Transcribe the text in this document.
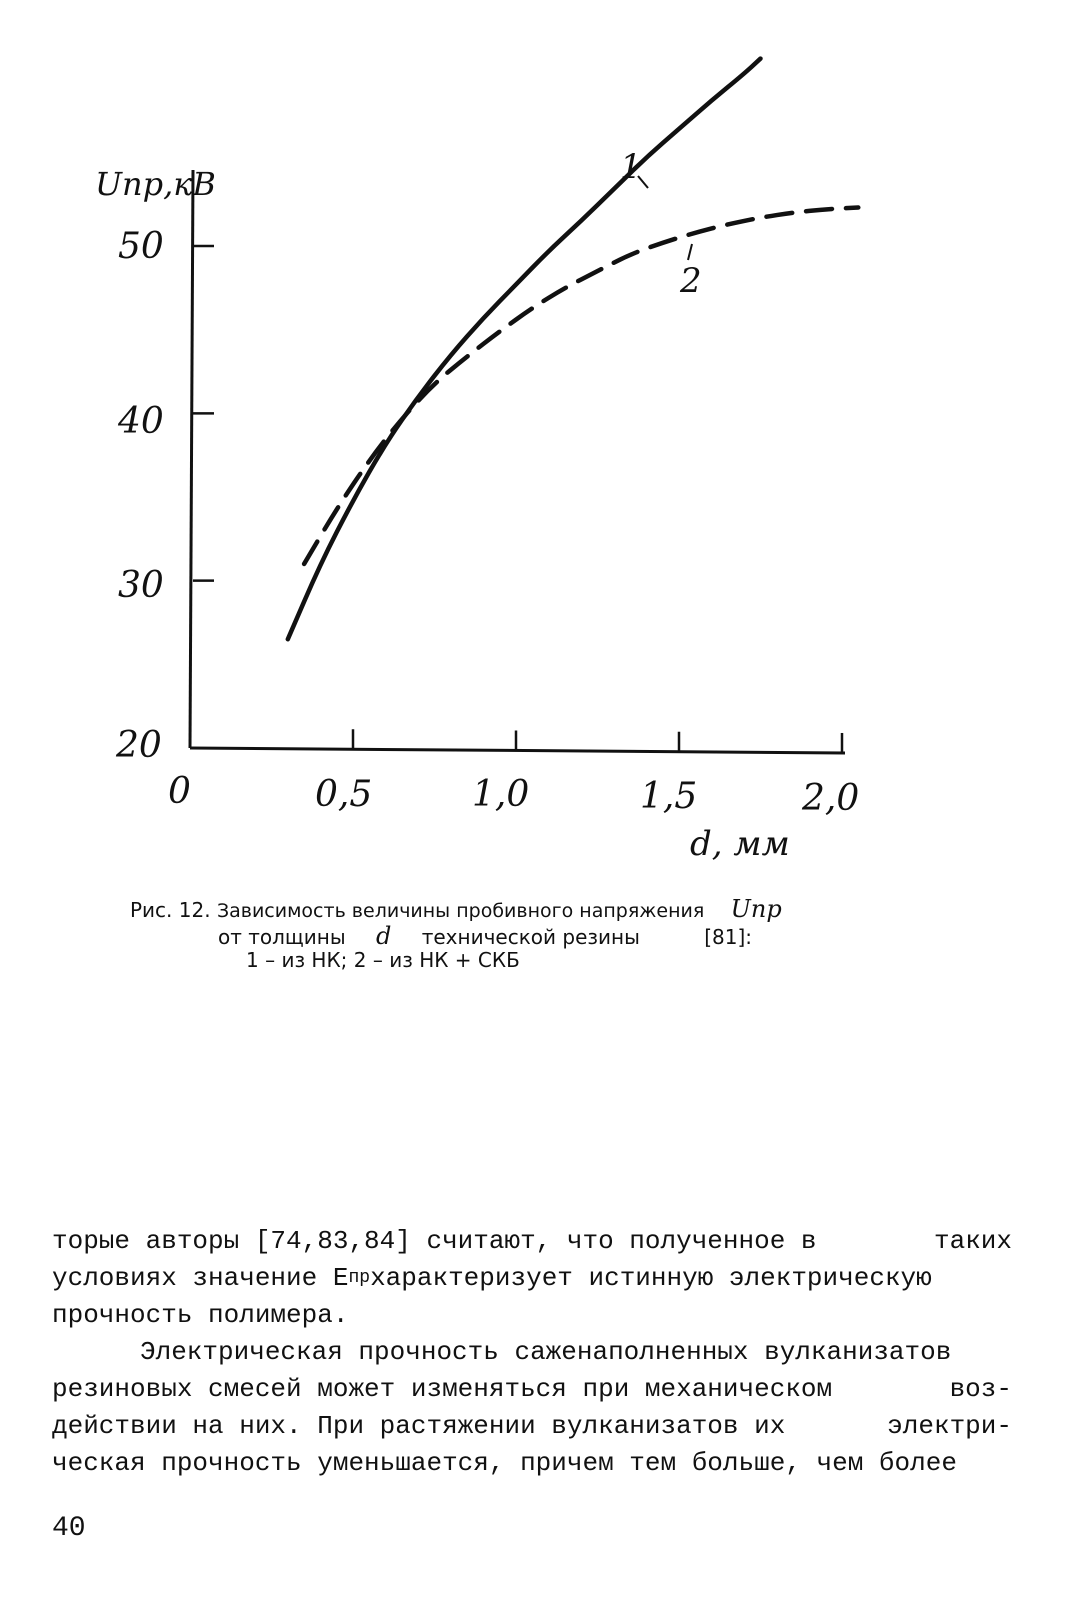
Uпр,кВ
d, мм
50
40
30
20
0	0,5	1,0	1,5	2,0
1
2
Рис. 12. Зависимость величины пробивного напряжения Uпр
от толщины d технической резины	[81]:
1 – из НК; 2 – из НК + СКБ
торые авторы [74,83,84] считают, что полученное в	таких
условиях значение E пр характеризует истинную электрическую
прочность полимера.
Электрическая прочность саженаполненных вулканизатов
резиновых смесей может изменяться при механическом	воз-
действии на них. При растяжении вулканизатов их	электри-
ческая прочность уменьшается, причем тем больше, чем более
40
